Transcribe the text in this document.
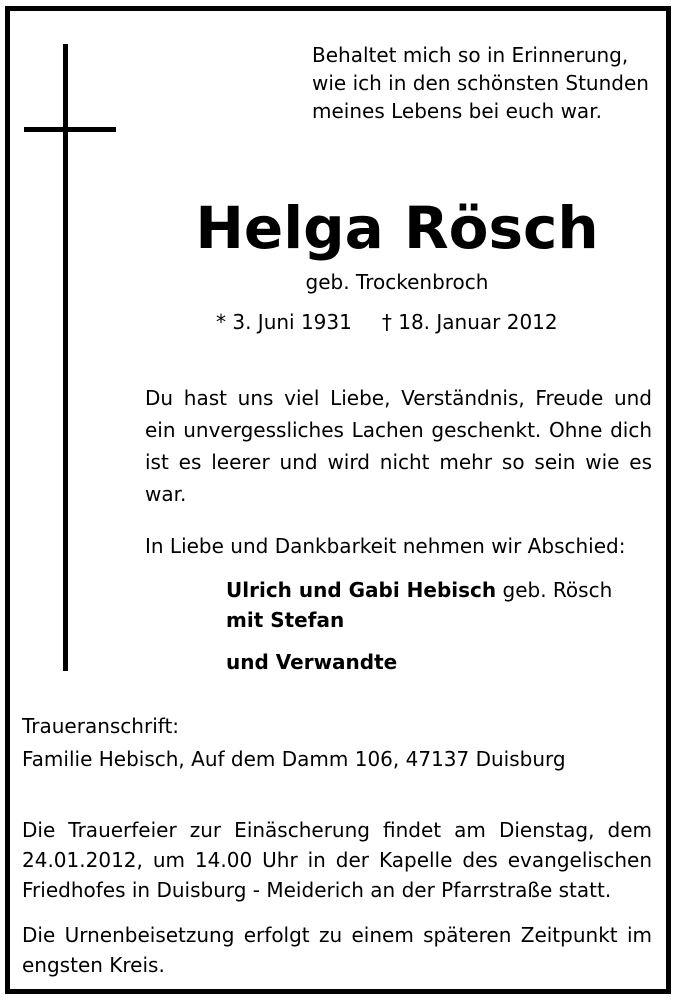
Behaltet mich so in Erinnerung,
wie ich in den schönsten Stunden
meines Lebens bei euch war.
Helga Rösch
geb. Trockenbroch
* 3. Juni 1931 † 18. Januar 2012
Du hast uns viel Liebe, Verständnis, Freude und ein unvergessliches Lachen geschenkt. Ohne dich ist es leerer und wird nicht mehr so sein wie es war.
In Liebe und Dankbarkeit nehmen wir Abschied:
Ulrich und Gabi Hebisch geb. Rösch
mit Stefan
und Verwandte
Traueranschrift:
Familie Hebisch, Auf dem Damm 106, 47137 Duisburg
Die Trauerfeier zur Einäscherung findet am Dienstag, dem 24.01.2012, um 14.00 Uhr in der Kapelle des evangelischen Friedhofes in Duisburg - Meiderich an der Pfarrstraße statt.
Die Urnenbeisetzung erfolgt zu einem späteren Zeitpunkt im engsten Kreis.
